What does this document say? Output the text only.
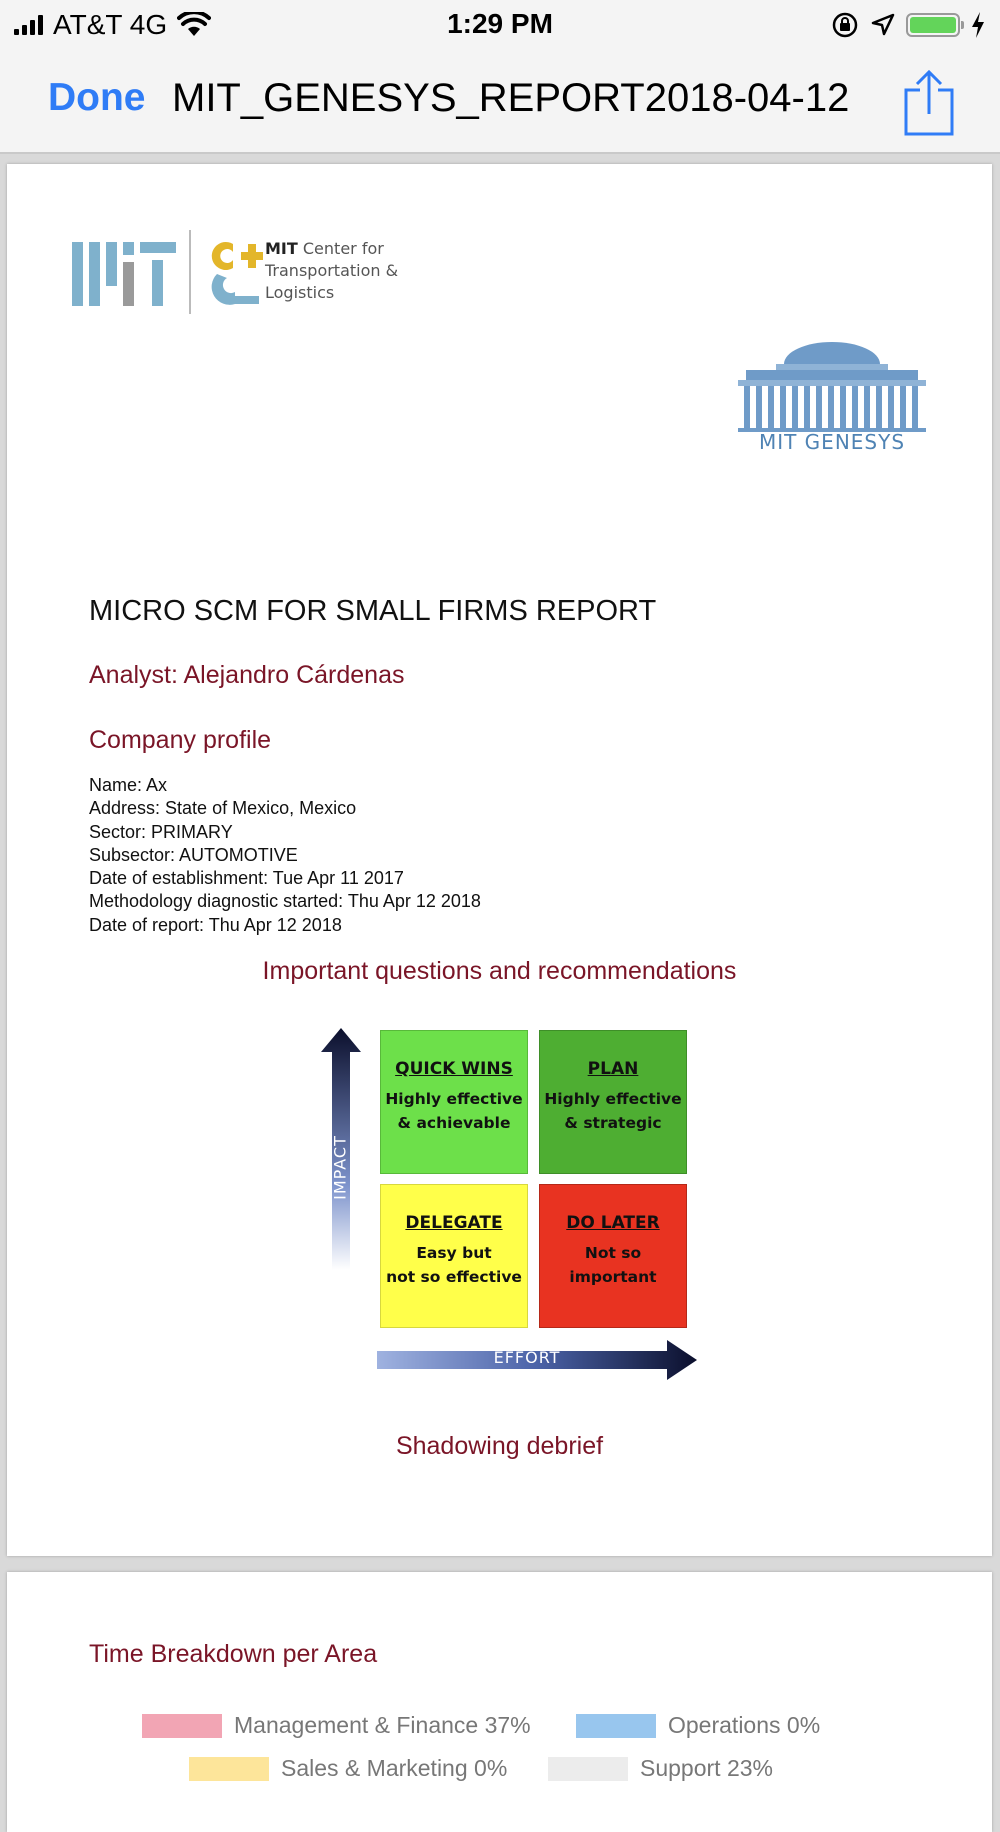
AT&T 4G	1:29 PM
Done MIT_GENESYS_REPORT2018-04-12
MIT Center for
Transportation &
Logistics
MIT GENESYS
MICRO SCM FOR SMALL FIRMS REPORT
Analyst: Alejandro Cárdenas
Company profile
Name: Ax
Address: State of Mexico, Mexico
Sector: PRIMARY
Subsector: AUTOMOTIVE
Date of establishment: Tue Apr 11 2017
Methodology diagnostic started: Thu Apr 12 2018
Date of report: Thu Apr 12 2018
Important questions and recommendations
IMPACT
QUICK WINS
Highly effective
& achievable
PLAN
Highly effective
& strategic
DELEGATE
Easy but
not so effective
DO LATER
Not so
important
EFFORT
Shadowing debrief
Time Breakdown per Area
Management & Finance 37%	Operations 0%
Sales & Marketing 0%	Support 23%
